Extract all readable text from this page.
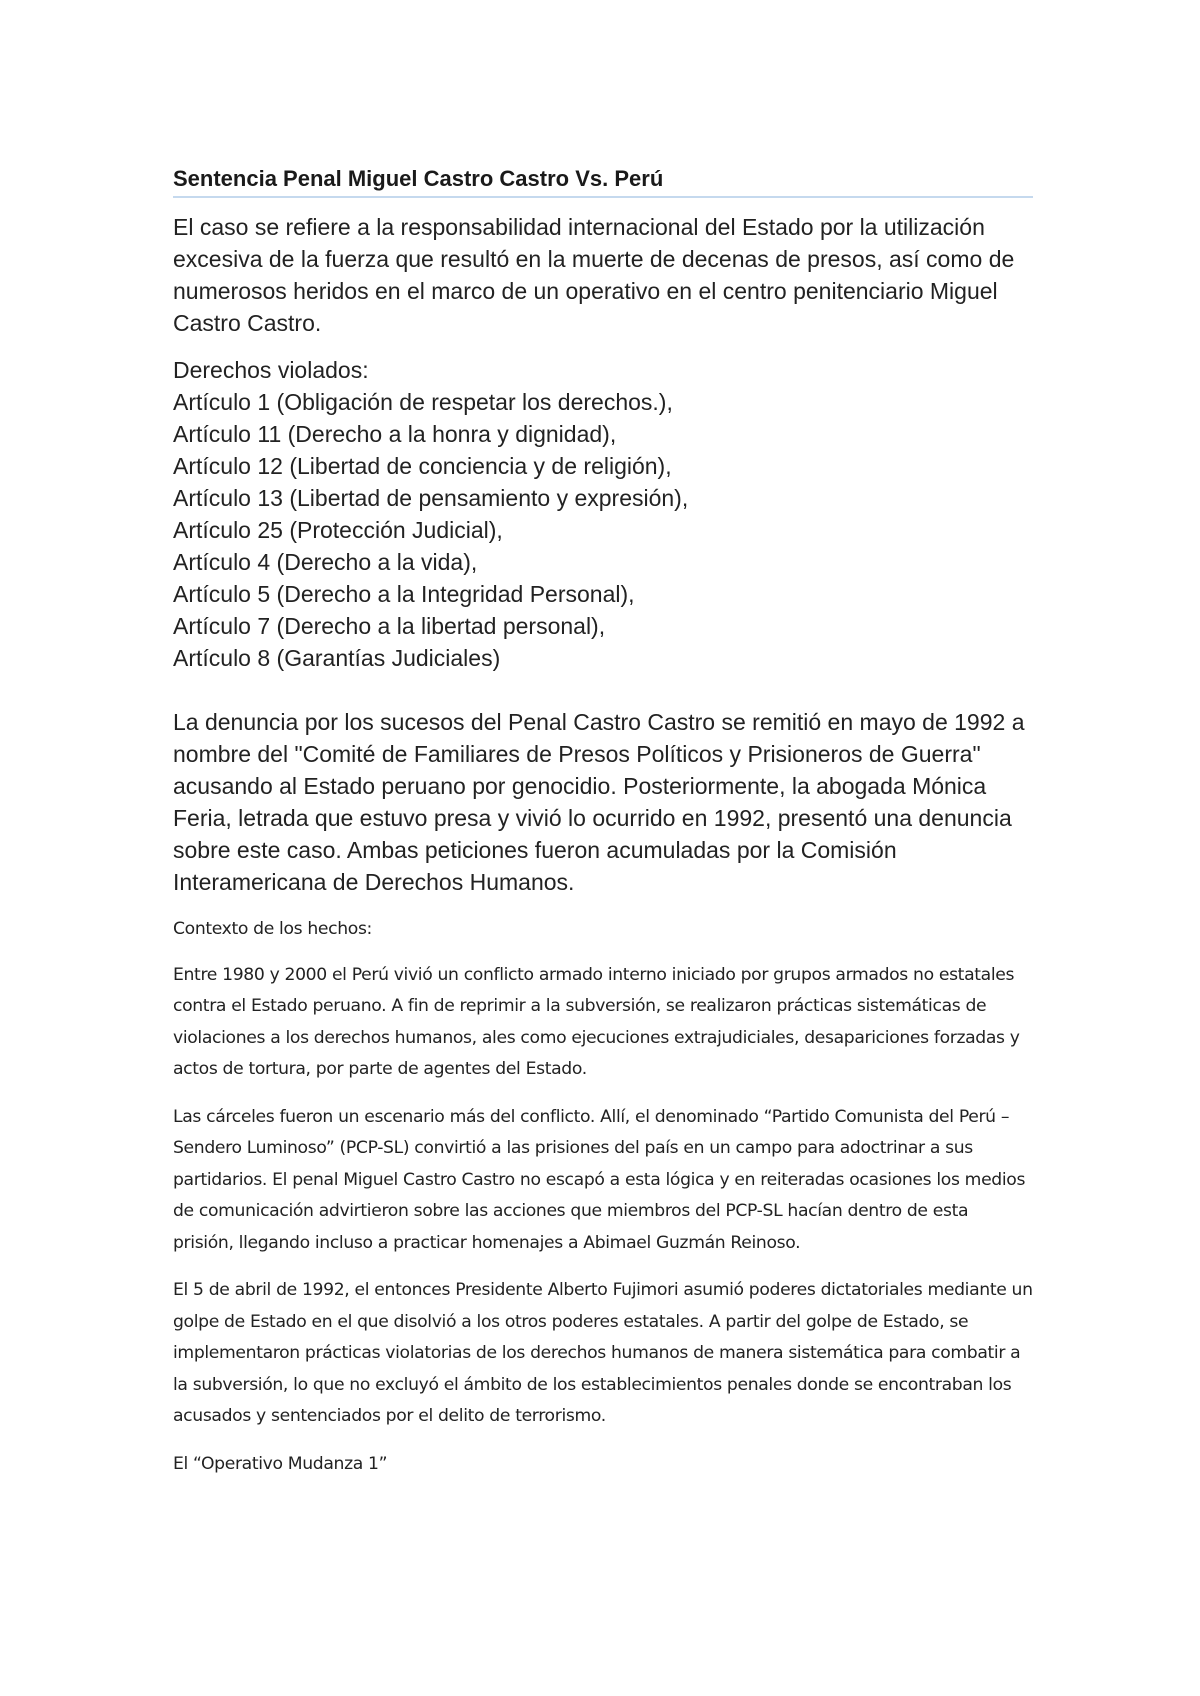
Sentencia Penal Miguel Castro Castro Vs. Perú

El caso se refiere a la responsabilidad internacional del Estado por la utilización excesiva de la fuerza que resultó en la muerte de decenas de presos, así como de numerosos heridos en el marco de un operativo en el centro penitenciario Miguel Castro Castro.

Derechos violados:

Artículo 1 (Obligación de respetar los derechos.),
Artículo 11 (Derecho a la honra y dignidad),
Artículo 12 (Libertad de conciencia y de religión),
Artículo 13 (Libertad de pensamiento y expresión),
Artículo 25 (Protección Judicial),
Artículo 4 (Derecho a la vida),
Artículo 5 (Derecho a la Integridad Personal),
Artículo 7 (Derecho a la libertad personal),
Artículo 8 (Garantías Judiciales)

La denuncia por los sucesos del Penal Castro Castro se remitió en mayo de 1992 a nombre del "Comité de Familiares de Presos Políticos y Prisioneros de Guerra" acusando al Estado peruano por genocidio. Posteriormente, la abogada Mónica Feria, letrada que estuvo presa y vivió lo ocurrido en 1992, presentó una denuncia sobre este caso. Ambas peticiones fueron acumuladas por la Comisión Interamericana de Derechos Humanos.

Contexto de los hechos:

Entre 1980 y 2000 el Perú vivió un conflicto armado interno iniciado por grupos armados no estatales contra el Estado peruano. A fin de reprimir a la subversión, se realizaron prácticas sistemáticas de violaciones a los derechos humanos, ales como ejecuciones extrajudiciales, desapariciones forzadas y actos de tortura, por parte de agentes del Estado.

Las cárceles fueron un escenario más del conflicto. Allí, el denominado “Partido Comunista del Perú – Sendero Luminoso” (PCP-SL) convirtió a las prisiones del país en un campo para adoctrinar a sus partidarios. El penal Miguel Castro Castro no escapó a esta lógica y en reiteradas ocasiones los medios de comunicación advirtieron sobre las acciones que miembros del PCP-SL hacían dentro de esta prisión, llegando incluso a practicar homenajes a Abimael Guzmán Reinoso.

El 5 de abril de 1992, el entonces Presidente Alberto Fujimori asumió poderes dictatoriales mediante un golpe de Estado en el que disolvió a los otros poderes estatales. A partir del golpe de Estado, se implementaron prácticas violatorias de los derechos humanos de manera sistemática para combatir a la subversión, lo que no excluyó el ámbito de los establecimientos penales donde se encontraban los acusados y sentenciados por el delito de terrorismo.

El “Operativo Mudanza 1”
